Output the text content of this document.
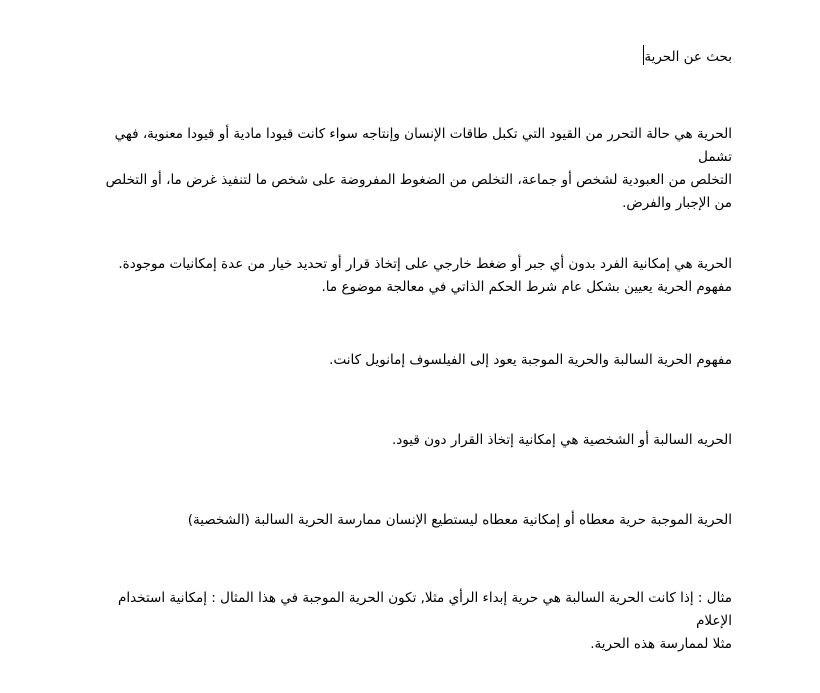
بحث عن الحرية
الحرية هي حالة التحرر من القيود التي تكبل طاقات الإنسان وإنتاجه سواء كانت قيودا مادية أو قيودا معنوية، فهي تشمل
التخلص من العبودية لشخص أو جماعة، التخلص من الضغوط المفروضة على شخص ما لتنفيذ غرض ما، أو التخلص
من الإجبار والفرض.
الحرية هي إمكانية الفرد بدون أي جبر أو ضغط خارجي على إتخاذ قرار أو تحديد خيار من عدة إمكانيات موجودة.
مفهوم الحرية يعيين بشكل عام شرط الحكم الذاتي في معالجة موضوع ما.
مفهوم الحرية السالبة والحرية الموجبة يعود إلى الفيلسوف إمانويل كانت.
الحريه السالبة أو الشخصية هي إمكانية إتخاذ القرار دون قيود.
الحرية الموجبة حرية معطاه أو إمكانية معطاه ليستطيع الإنسان ممارسة الحرية السالبة (الشخصية)
مثال : إذا كانت الحرية السالبة هي حرية إبداء الرأي مثلا, تكون الحرية الموجبة في هذا المثال : إمكانية استخدام الإعلام
مثلا لممارسة هذه الحرية.
